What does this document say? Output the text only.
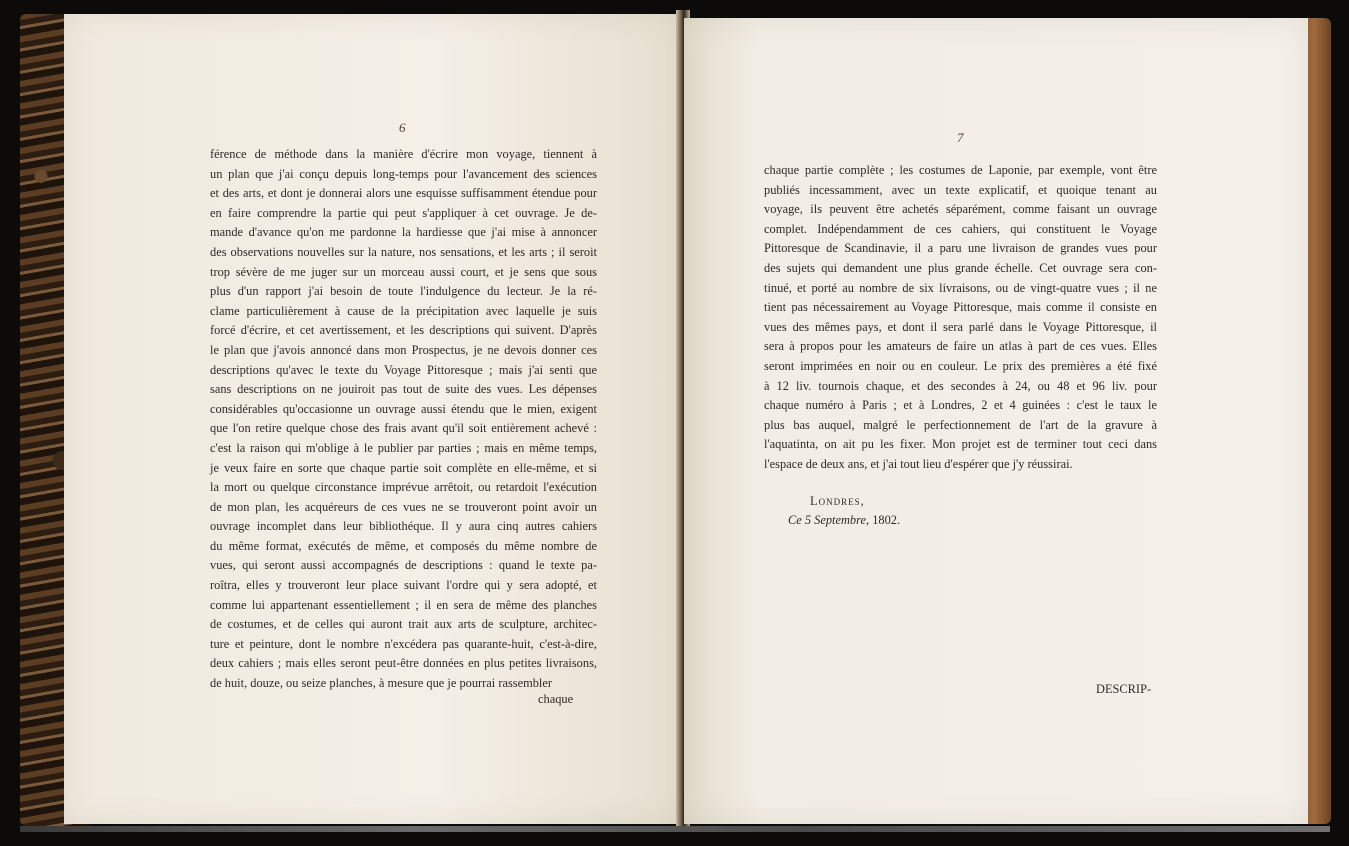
6
férence de méthode dans la manière d'écrire mon voyage, tiennent à
un plan que j'ai conçu depuis long-temps pour l'avancement des sciences
et des arts, et dont je donnerai alors une esquisse suffisamment étendue pour
en faire comprendre la partie qui peut s'appliquer à cet ouvrage. Je de-
mande d'avance qu'on me pardonne la hardiesse que j'ai mise à annoncer
des observations nouvelles sur la nature, nos sensations, et les arts ; il seroit
trop sévère de me juger sur un morceau aussi court, et je sens que sous
plus d'un rapport j'ai besoin de toute l'indulgence du lecteur. Je la ré-
clame particulièrement à cause de la précipitation avec laquelle je suis
forcé d'écrire, et cet avertissement, et les descriptions qui suivent. D'après
le plan que j'avois annoncé dans mon Prospectus, je ne devois donner ces
descriptions qu'avec le texte du Voyage Pittoresque ; mais j'ai senti que
sans descriptions on ne jouiroit pas tout de suite des vues. Les dépenses
considérables qu'occasionne un ouvrage aussi étendu que le mien, exigent
que l'on retire quelque chose des frais avant qu'il soit entièrement achevé :
c'est la raison qui m'oblige à le publier par parties ; mais en même temps,
je veux faire en sorte que chaque partie soit complète en elle-même, et si
la mort ou quelque circonstance imprévue arrêtoit, ou retardoit l'exécution
de mon plan, les acquéreurs de ces vues ne se trouveront point avoir un
ouvrage incomplet dans leur bibliothéque. Il y aura cinq autres cahiers
du même format, exécutés de même, et composés du même nombre de
vues, qui seront aussi accompagnés de descriptions : quand le texte pa-
roîtra, elles y trouveront leur place suivant l'ordre qui y sera adopté, et
comme lui appartenant essentiellement ; il en sera de même des planches
de costumes, et de celles qui auront trait aux arts de sculpture, architec-
ture et peinture, dont le nombre n'excédera pas quarante-huit, c'est-à-dire,
deux cahiers ; mais elles seront peut-être données en plus petites livraisons,
de huit, douze, ou seize planches, à mesure que je pourrai rassembler
chaque
7
chaque partie complète ; les costumes de Laponie, par exemple, vont être
publiés incessamment, avec un texte explicatif, et quoique tenant au
voyage, ils peuvent être achetés séparément, comme faisant un ouvrage
complet. Indépendamment de ces cahiers, qui constituent le Voyage
Pittoresque de Scandinavie, il a paru une livraison de grandes vues pour
des sujets qui demandent une plus grande échelle. Cet ouvrage sera con-
tinué, et porté au nombre de six livraisons, ou de vingt-quatre vues ; il ne
tient pas nécessairement au Voyage Pittoresque, mais comme il consiste en
vues des mêmes pays, et dont il sera parlé dans le Voyage Pittoresque, il
sera à propos pour les amateurs de faire un atlas à part de ces vues. Elles
seront imprimées en noir ou en couleur. Le prix des premières a été fixé
à 12 liv. tournois chaque, et des secondes à 24, ou 48 et 96 liv. pour
chaque numéro à Paris ; et à Londres, 2 et 4 guinées : c'est le taux le
plus bas auquel, malgré le perfectionnement de l'art de la gravure à
l'aquatinta, on ait pu les fixer. Mon projet est de terminer tout ceci dans
l'espace de deux ans, et j'ai tout lieu d'espérer que j'y réussirai.
Londres,
Ce 5 Septembre, 1802.
DESCRIP-
